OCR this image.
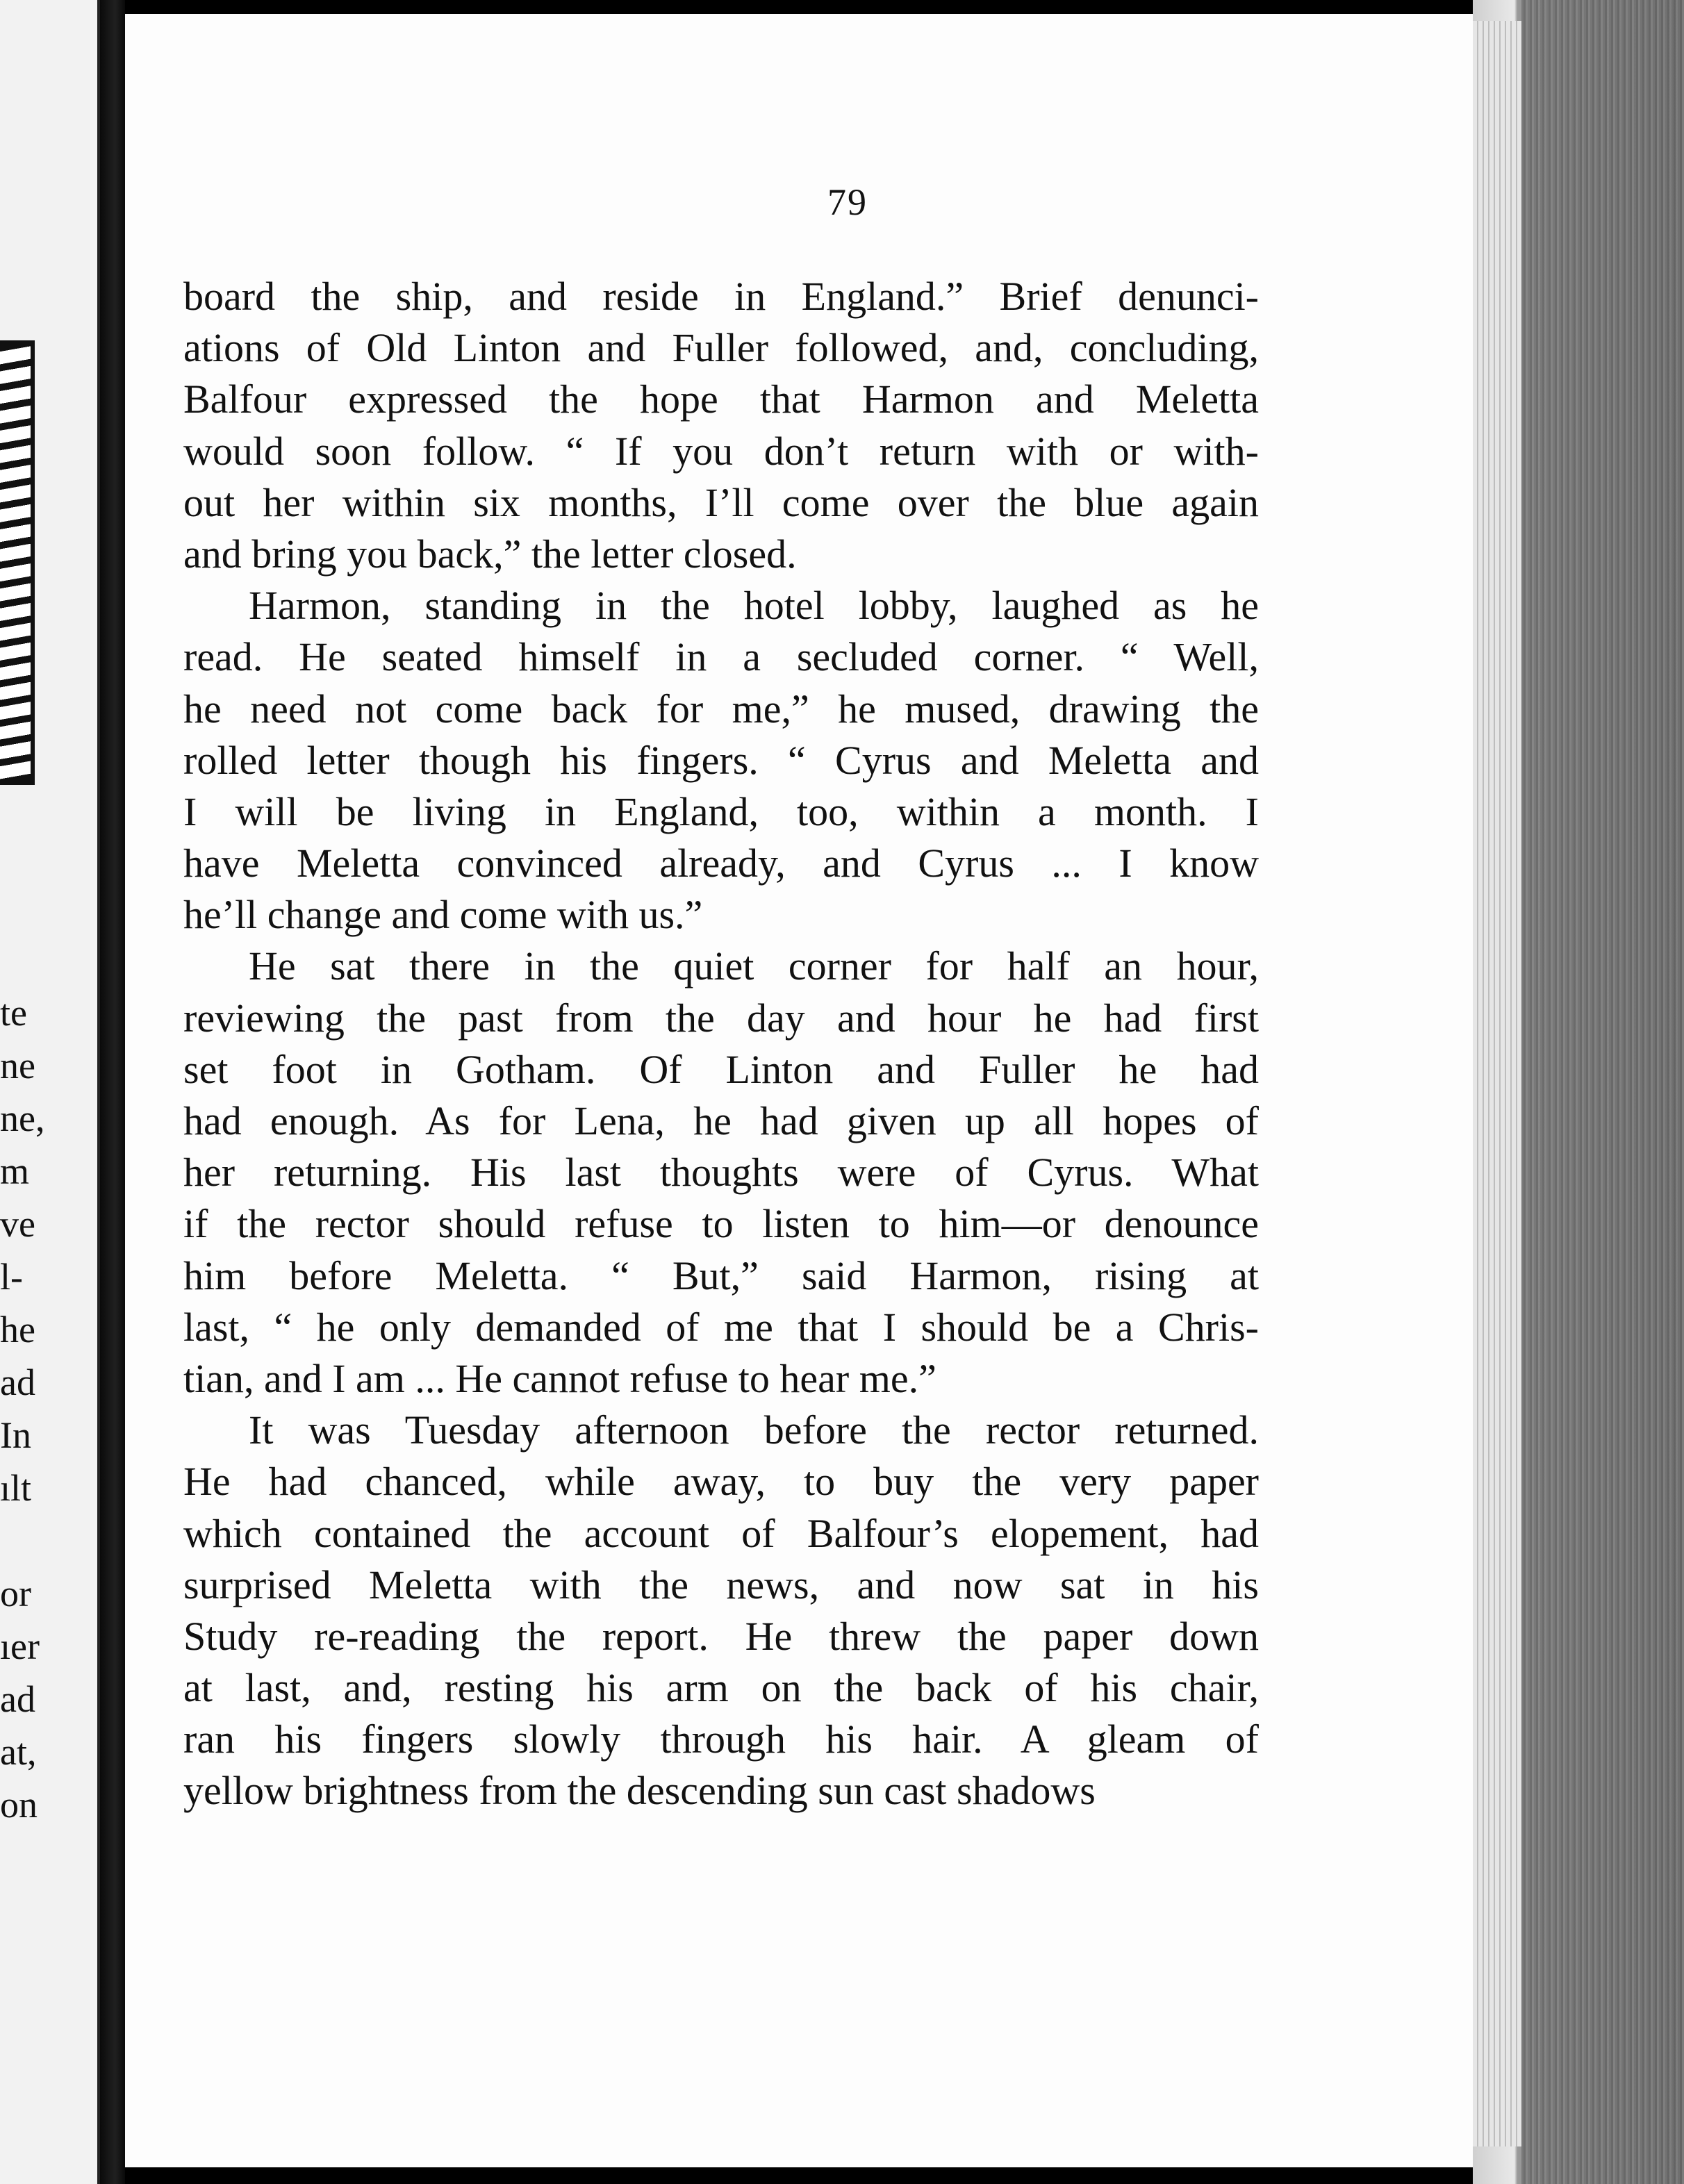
te
ne
ne,
m
ve
l-
he
ad
In
ılt
or
ıer
ad
at,
on
79
board the ship, and reside in England.” Brief denunci-
ations of Old Linton and Fuller followed, and, concluding,
Balfour expressed the hope that Harmon and Meletta
would soon follow. “ If you don’t return with or with-
out her within six months, I’ll come over the blue again
and bring you back,” the letter closed.
Harmon, standing in the hotel lobby, laughed as he
read. He seated himself in a secluded corner. “ Well,
he need not come back for me,” he mused, drawing the
rolled letter though his fingers. “ Cyrus and Meletta and
I will be living in England, too, within a month. I
have Meletta convinced already, and Cyrus ... I know
he’ll change and come with us.”
He sat there in the quiet corner for half an hour,
reviewing the past from the day and hour he had first
set foot in Gotham. Of Linton and Fuller he had
had enough. As for Lena, he had given up all hopes of
her returning. His last thoughts were of Cyrus. What
if the rector should refuse to listen to him—or denounce
him before Meletta. “ But,” said Harmon, rising at
last, “ he only demanded of me that I should be a Chris-
tian, and I am ... He cannot refuse to hear me.”
It was Tuesday afternoon before the rector returned.
He had chanced, while away, to buy the very paper
which contained the account of Balfour’s elopement, had
surprised Meletta with the news, and now sat in his
Study re-reading the report. He threw the paper down
at last, and, resting his arm on the back of his chair,
ran his fingers slowly through his hair. A gleam of
yellow brightness from the descending sun cast shadows
